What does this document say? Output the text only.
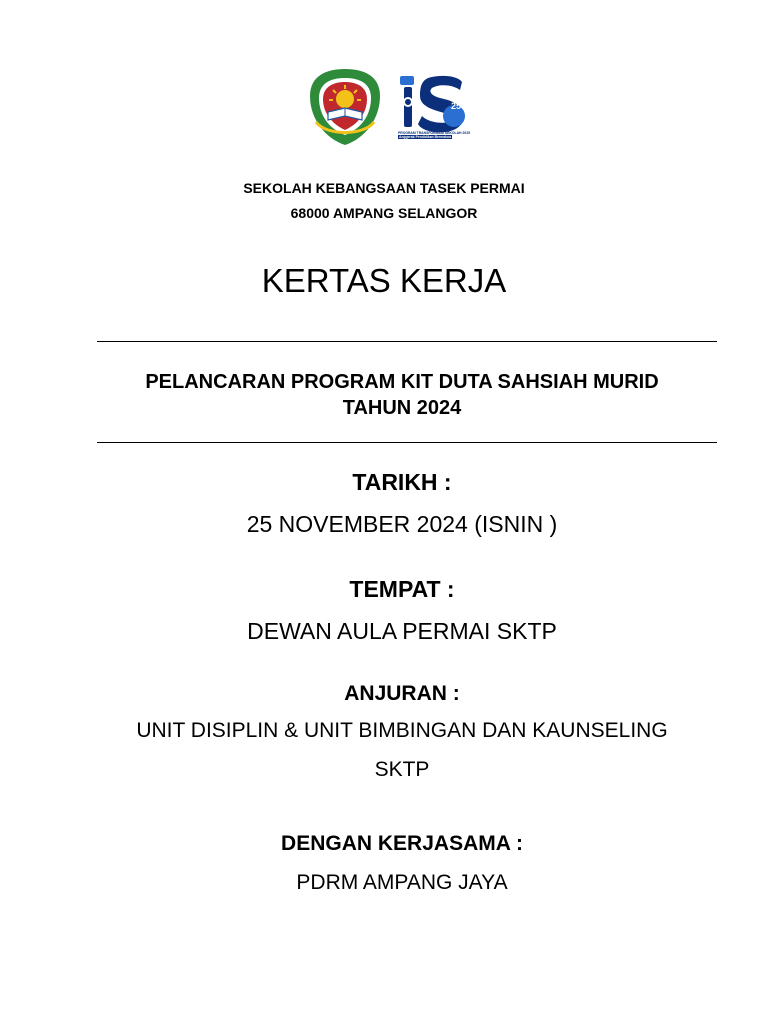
25
PROGRAM TRANSFORMASI SEKOLAH 2025
Anggerak Pendidikan Bermakna
SEKOLAH KEBANGSAAN TASEK PERMAI
68000 AMPANG SELANGOR
KERTAS KERJA
PELANCARAN PROGRAM KIT DUTA SAHSIAH MURID
TAHUN 2024
TARIKH :
25 NOVEMBER 2024 (ISNIN )
TEMPAT :
DEWAN AULA PERMAI SKTP
ANJURAN :
UNIT DISIPLIN & UNIT BIMBINGAN DAN KAUNSELING
SKTP
DENGAN KERJASAMA :
PDRM AMPANG JAYA
